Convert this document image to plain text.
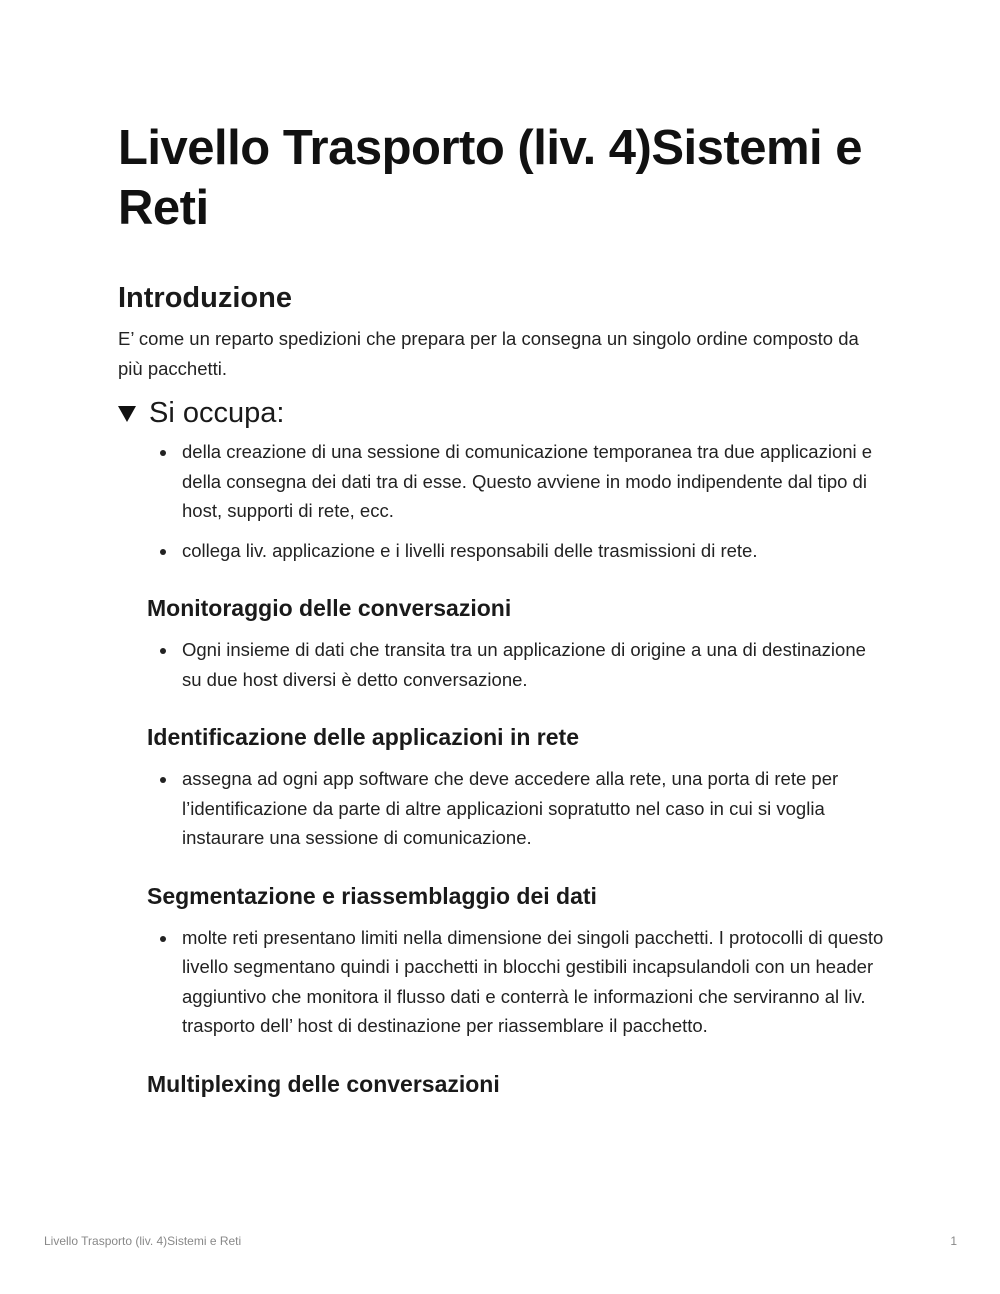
Livello Trasporto (liv. 4)Sistemi e Reti
Introduzione

E’ come un reparto spedizioni che prepara per la consegna un singolo ordine composto da più pacchetti.

Si occupa:
della creazione di una sessione di comunicazione temporanea tra due applicazioni e della consegna dei dati tra di esse. Questo avviene in modo indipendente dal tipo di host, supporti di rete, ecc.
collega liv. applicazione e i livelli responsabili delle trasmissioni di rete.
Monitoraggio delle conversazioni
Ogni insieme di dati che transita tra un applicazione di origine a una di destinazione su due host diversi è detto conversazione.
Identificazione delle applicazioni in rete
assegna ad ogni app software che deve accedere alla rete, una porta di rete per l’identificazione da parte di altre applicazioni sopratutto nel caso in cui si voglia instaurare una sessione di comunicazione.
Segmentazione e riassemblaggio dei dati
molte reti presentano limiti nella dimensione dei singoli pacchetti. I protocolli di questo livello segmentano quindi i pacchetti in blocchi gestibili incapsulandoli con un header aggiuntivo che monitora il flusso dati e conterrà le informazioni che serviranno al liv. trasporto dell’ host di destinazione per riassemblare il pacchetto.
Multiplexing delle conversazioni
Livello Trasporto (liv. 4)Sistemi e Reti	1
